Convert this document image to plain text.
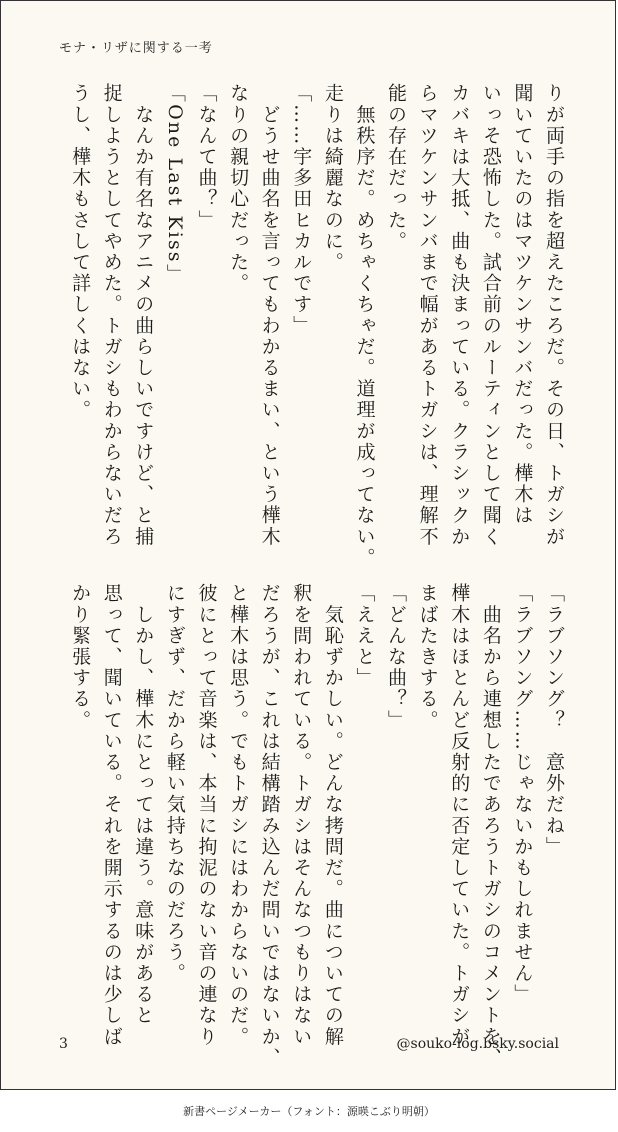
モナ・リザに関する一考
りが両手の指を超えたころだ。その日、トガシが
聞いていたのはマツケンサンバだった。樺木は
いっそ恐怖した。試合前のルーティンとして聞く
カバキは大抵、曲も決まっている。クラシックか
らマツケンサンバまで幅があるトガシは、理解不
能の存在だった。
　無秩序だ。めちゃくちゃだ。道理が成ってない。
走りは綺麗なのに。
「……宇多田ヒカルです」
　どうせ曲名を言ってもわかるまい、という樺木
なりの親切心だった。
「なんて曲？」
「One Last Kiss」
　なんか有名なアニメの曲らしいですけど、と捕
捉しようとしてやめた。トガシもわからないだろ
うし、樺木もさして詳しくはない。
「ラブソング？　意外だね」
「ラブソング……じゃないかもしれません」
　曲名から連想したであろうトガシのコメントを、
樺木はほとんど反射的に否定していた。トガシが
まばたきする。
「どんな曲？」
「ええと」
　気恥ずかしい。どんな拷問だ。曲についての解
釈を問われている。トガシはそんなつもりはない
だろうが、これは結構踏み込んだ問いではないか、
と樺木は思う。でもトガシにはわからないのだ。
彼にとって音楽は、本当に拘泥のない音の連なり
にすぎず、だから軽い気持ちなのだろう。
　しかし、樺木にとっては違う。意味があると
思って、聞いている。それを開示するのは少しば
かり緊張する。
3	@souko-log.bsky.social
新書ページメーカー（フォント：源暎こぶり明朝）
